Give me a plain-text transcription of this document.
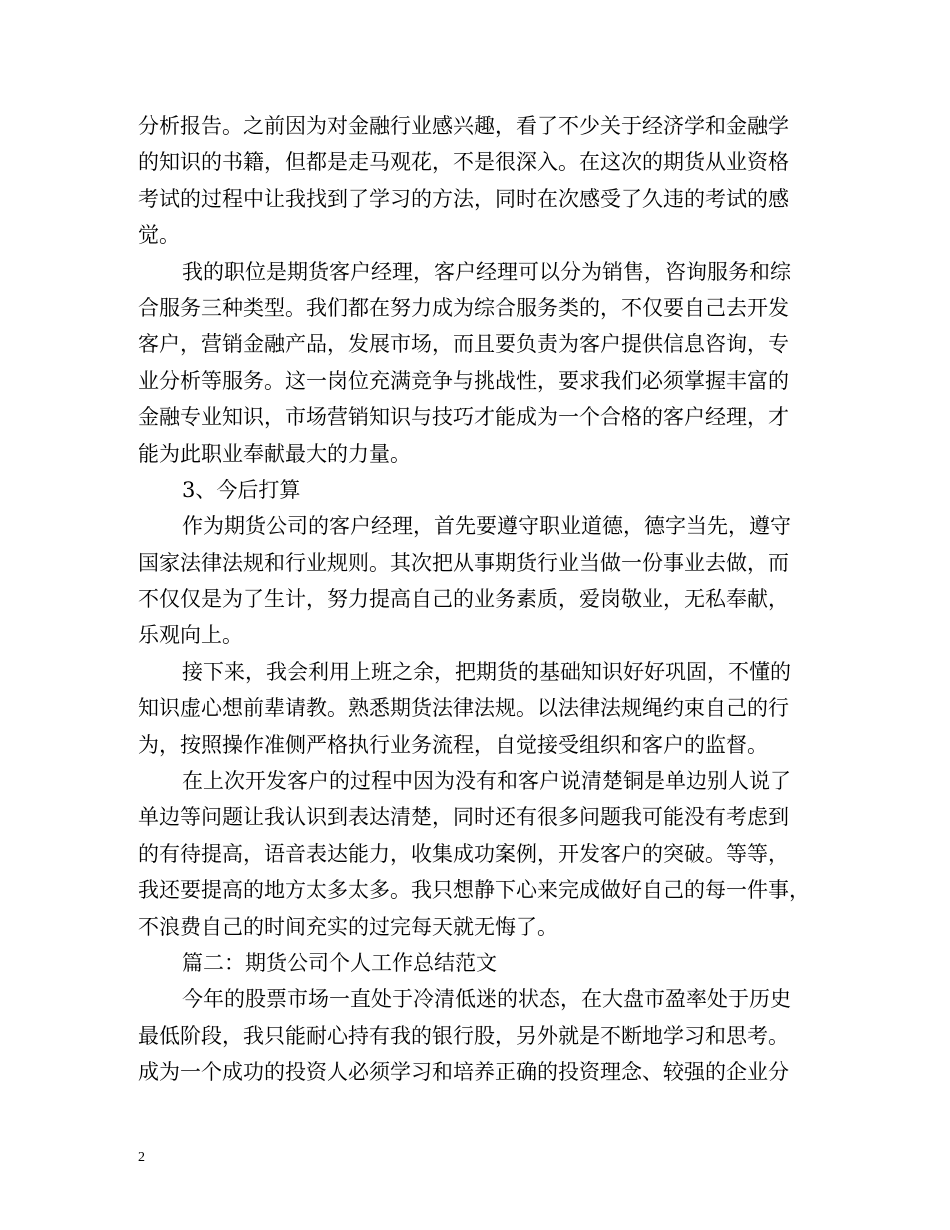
分析报告。之前因为对金融行业感兴趣，看了不少关于经济学和金融学
的知识的书籍，但都是走马观花，不是很深入。在这次的期货从业资格
考试的过程中让我找到了学习的方法，同时在次感受了久违的考试的感
觉。
我的职位是期货客户经理，客户经理可以分为销售，咨询服务和综
合服务三种类型。我们都在努力成为综合服务类的，不仅要自己去开发
客户，营销金融产品，发展市场，而且要负责为客户提供信息咨询，专
业分析等服务。这一岗位充满竞争与挑战性，要求我们必须掌握丰富的
金融专业知识，市场营销知识与技巧才能成为一个合格的客户经理，才
能为此职业奉献最大的力量。
3、今后打算
作为期货公司的客户经理，首先要遵守职业道德，德字当先，遵守
国家法律法规和行业规则。其次把从事期货行业当做一份事业去做，而
不仅仅是为了生计，努力提高自己的业务素质，爱岗敬业，无私奉献，
乐观向上。
接下来，我会利用上班之余，把期货的基础知识好好巩固，不懂的
知识虚心想前辈请教。熟悉期货法律法规。以法律法规绳约束自己的行
为，按照操作准侧严格执行业务流程，自觉接受组织和客户的监督。
在上次开发客户的过程中因为没有和客户说清楚铜是单边别人说了
单边等问题让我认识到表达清楚，同时还有很多问题我可能没有考虑到
的有待提高，语音表达能力，收集成功案例，开发客户的突破。等等，
我还要提高的地方太多太多。我只想静下心来完成做好自己的每一件事，
不浪费自己的时间充实的过完每天就无悔了。
篇二：期货公司个人工作总结范文
今年的股票市场一直处于冷清低迷的状态，在大盘市盈率处于历史
最低阶段，我只能耐心持有我的银行股，另外就是不断地学习和思考。
成为一个成功的投资人必须学习和培养正确的投资理念、较强的企业分
2
